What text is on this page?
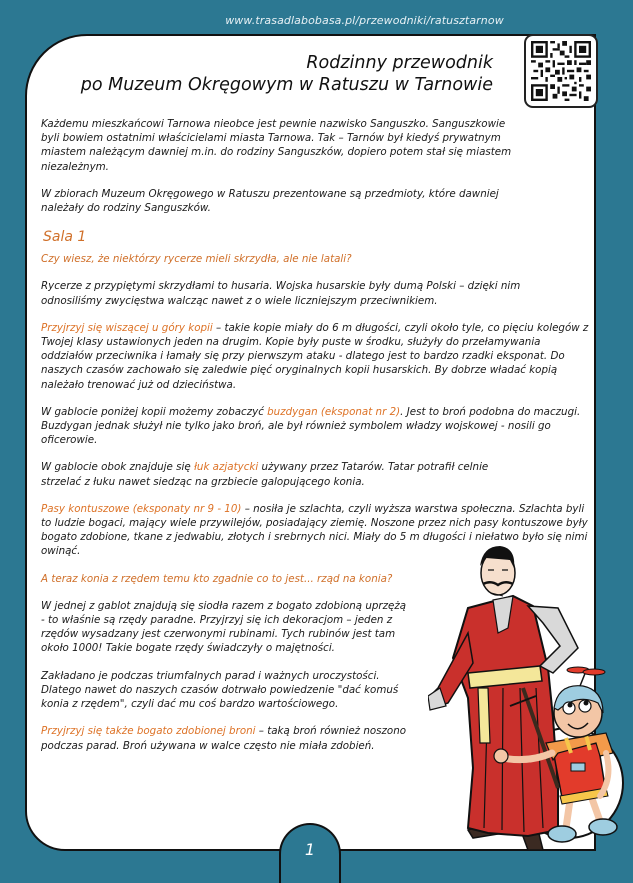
www.trasadlabobasa.pl/przewodniki/ratusztarnow
Rodzinny przewodnik
po Muzeum Okręgowym w Ratuszu w Tarnowie

Każdemu mieszkańcowi Tarnowa nieobce jest pewnie nazwisko Sanguszko. Sanguszkowie byli bowiem ostatnimi właścicielami miasta Tarnowa. Tak – Tarnów był kiedyś prywatnym miastem należącym dawniej m.in. do rodziny Sanguszków, dopiero potem stał się miastem niezależnym.

W zbiorach Muzeum Okręgowego w Ratuszu prezentowane są przedmioty, które dawniej należały do rodziny Sanguszków.

Sala 1

Czy wiesz, że niektórzy rycerze mieli skrzydła, ale nie latali?

Rycerze z przypiętymi skrzydłami to husaria. Wojska husarskie były dumą Polski – dzięki nim odnosiliśmy zwycięstwa walcząc nawet z o wiele liczniejszym przeciwnikiem.

Przyjrzyj się wiszącej u góry kopii – takie kopie miały do 6 m długości, czyli około tyle, co pięciu kolegów z Twojej klasy ustawionych jeden na drugim. Kopie były puste w środku, służyły do przełamywania oddziałów przeciwnika i łamały się przy pierwszym ataku - dlatego jest to bardzo rzadki eksponat. Do naszych czasów zachowało się zaledwie pięć oryginalnych kopii husarskich. By dobrze władać kopią należało trenować już od dzieciństwa.

W gablocie poniżej kopii możemy zobaczyć buzdygan (eksponat nr 2). Jest to broń podobna do maczugi. Buzdygan jednak służył nie tylko jako broń, ale był również symbolem władzy wojskowej - nosili go oficerowie.

W gablocie obok znajduje się łuk azjatycki używany przez Tatarów. Tatar potrafił celnie strzelać z łuku nawet siedząc na grzbiecie galopującego konia.

Pasy kontuszowe (eksponaty nr 9 - 10) – nosiła je szlachta, czyli wyższa warstwa społeczna. Szlachta byli to ludzie bogaci, mający wiele przywilejów, posiadający ziemię. Noszone przez nich pasy kontuszowe były bogato zdobione, tkane z jedwabiu, złotych i srebrnych nici. Miały do 5 m długości i niełatwo było się nimi owinąć.

A teraz konia z rzędem temu kto zgadnie co to jest... rząd na konia?

W jednej z gablot znajdują się siodła razem z bogato zdobioną uprzężą - to właśnie są rzędy paradne. Przyjrzyj się ich dekoracjom – jeden z rzędów wysadzany jest czerwonymi rubinami. Tych rubinów jest tam około 1000! Takie bogate rzędy świadczyły o majętności.

Zakładano je podczas triumfalnych parad i ważnych uroczystości. Dlatego nawet do naszych czasów dotrwało powiedzenie "dać komuś konia z rzędem", czyli dać mu coś bardzo wartościowego.

Przyjrzyj się także bogato zdobionej broni – taką broń również noszono podczas parad. Broń używana w walce często nie miała zdobień.

1
